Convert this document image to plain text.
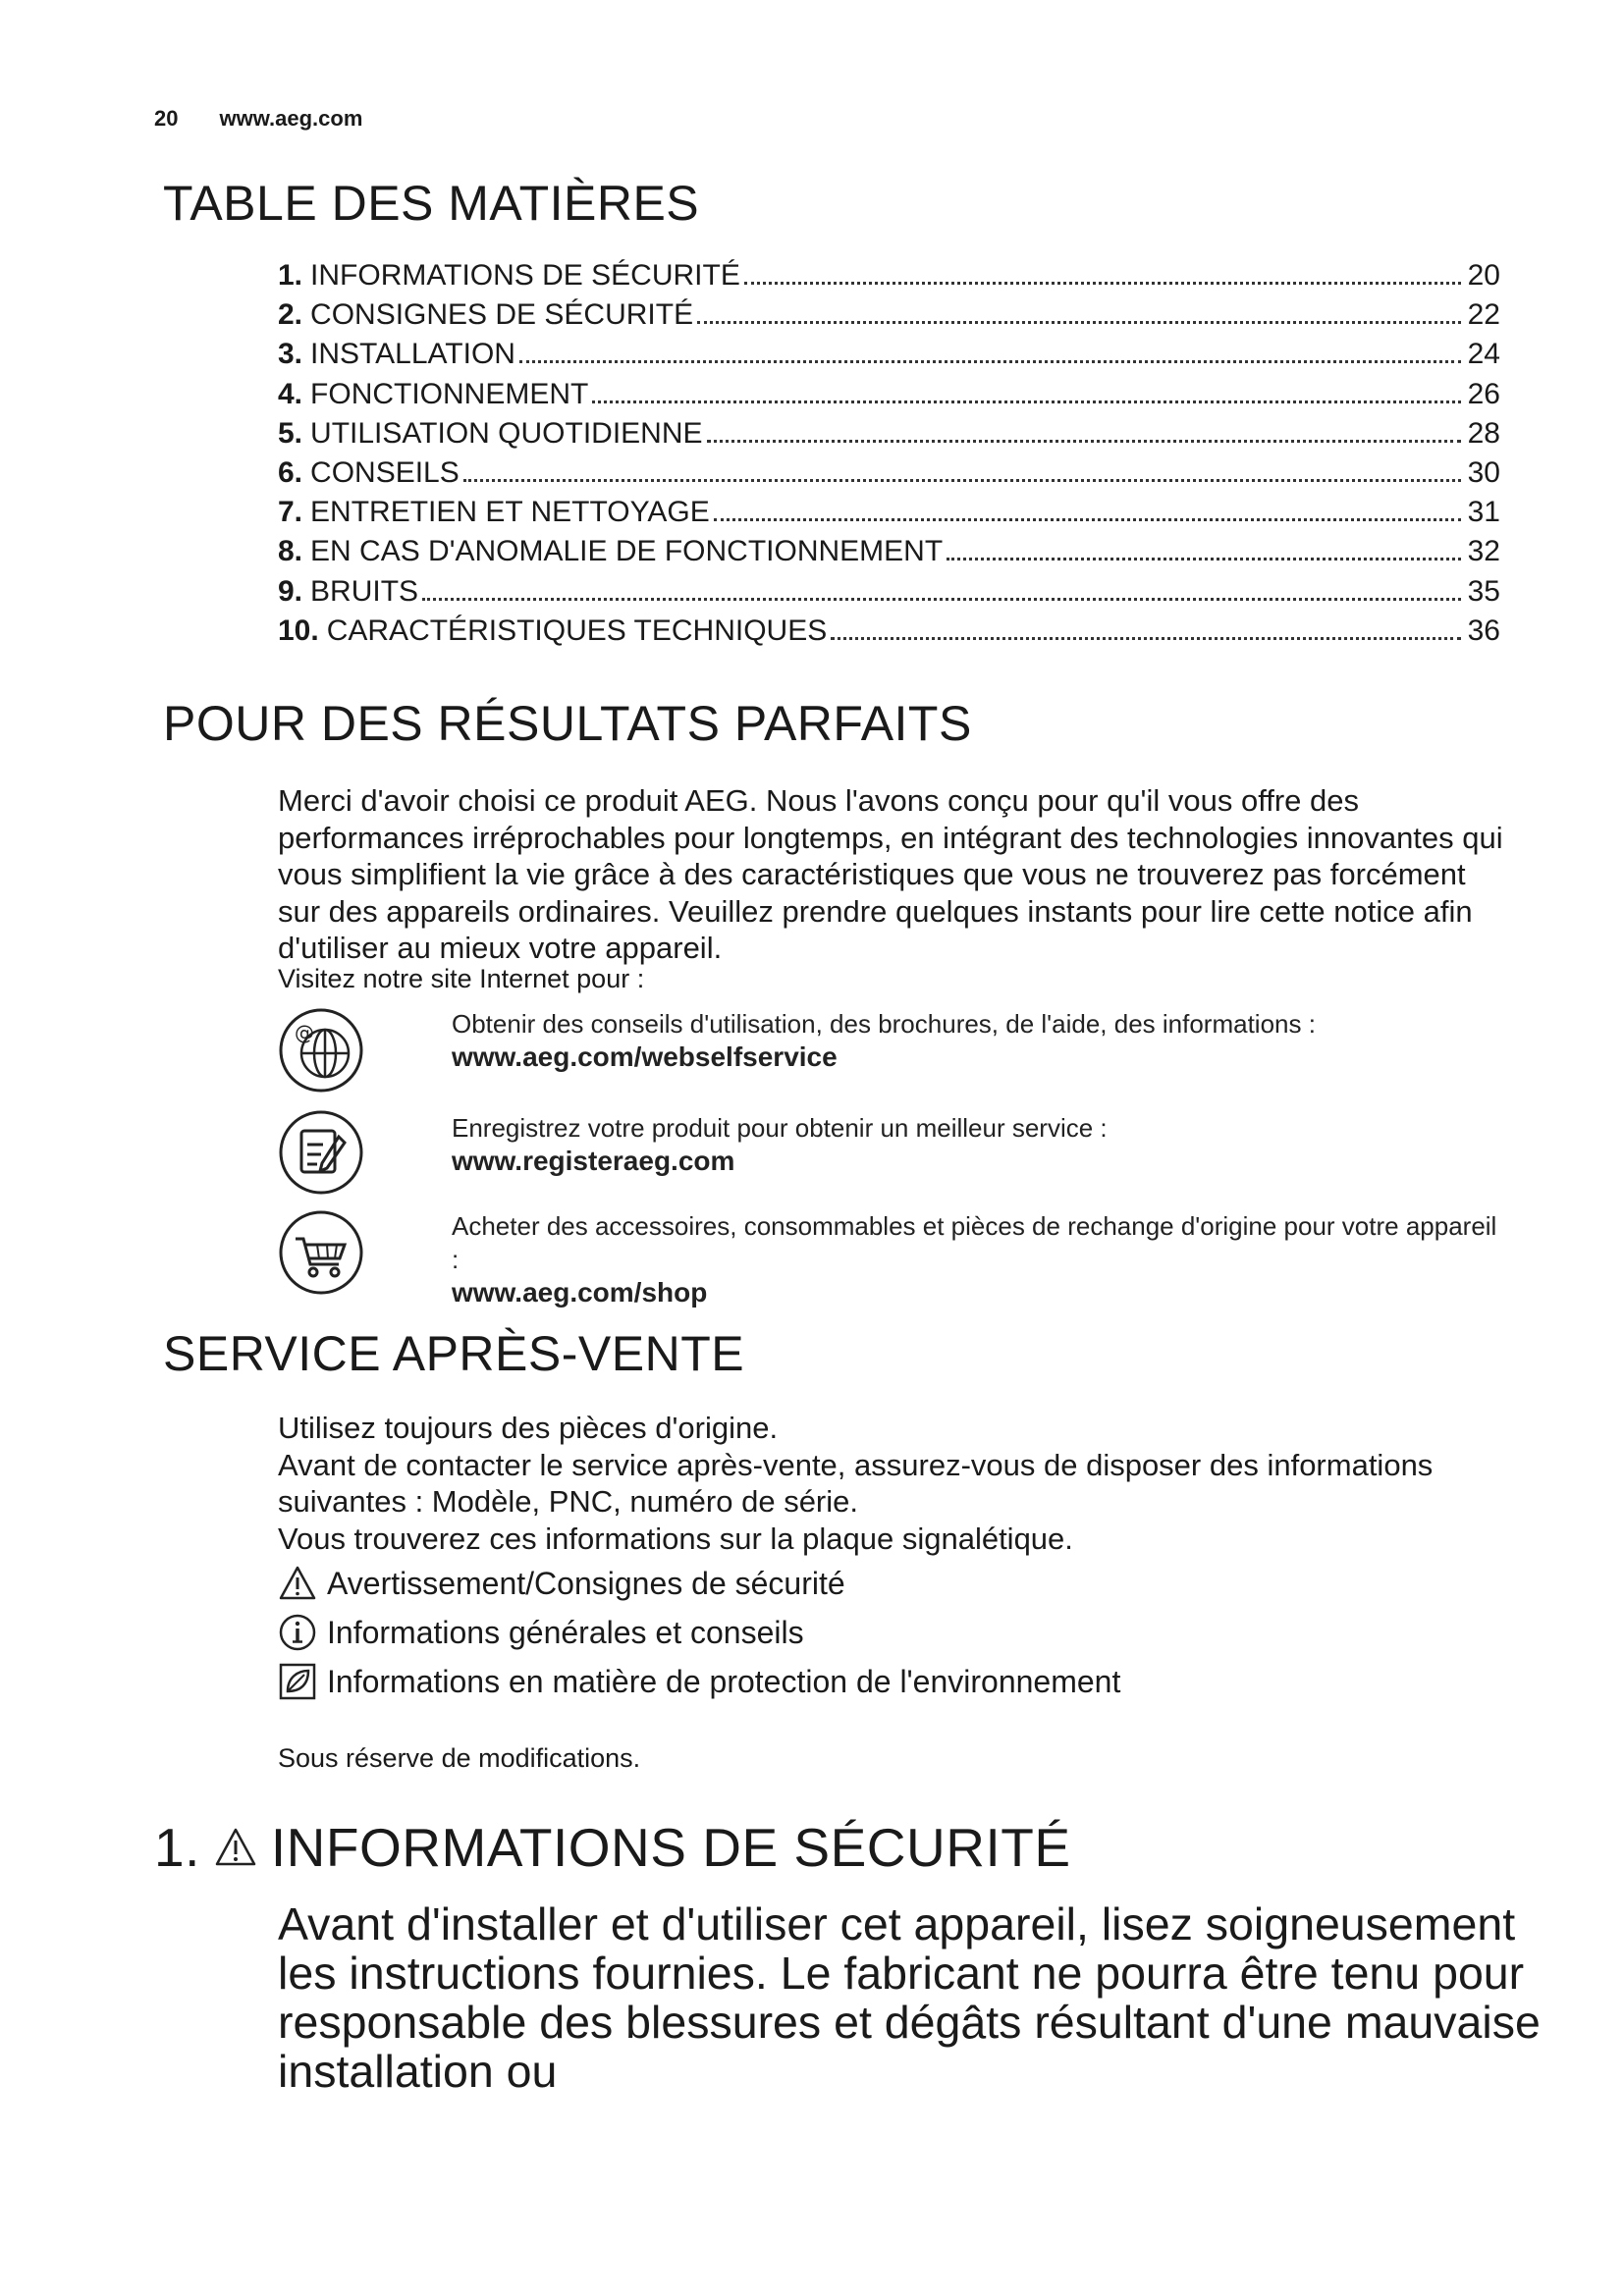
20 www.aeg.com
TABLE DES MATIÈRES
1. INFORMATIONS DE SÉCURITÉ	20
2. CONSIGNES DE SÉCURITÉ	22
3. INSTALLATION	24
4. FONCTIONNEMENT	26
5. UTILISATION QUOTIDIENNE	28
6. CONSEILS	30
7. ENTRETIEN ET NETTOYAGE	31
8. EN CAS D'ANOMALIE DE FONCTIONNEMENT	32
9. BRUITS	35
10. CARACTÉRISTIQUES TECHNIQUES	36
POUR DES RÉSULTATS PARFAITS
Merci d'avoir choisi ce produit AEG. Nous l'avons conçu pour qu'il vous offre des performances irréprochables pour longtemps, en intégrant des technologies innovantes qui vous simplifient la vie grâce à des caractéristiques que vous ne trouverez pas forcément sur des appareils ordinaires. Veuillez prendre quelques instants pour lire cette notice afin d'utiliser au mieux votre appareil.
Visitez notre site Internet pour :
@	Obtenir des conseils d'utilisation, des brochures, de l'aide, des informations :
www.aeg.com/webselfservice
Enregistrez votre produit pour obtenir un meilleur service :
www.registeraeg.com
Acheter des accessoires, consommables et pièces de rechange d'origine pour votre appareil :
www.aeg.com/shop
SERVICE APRÈS-VENTE
Utilisez toujours des pièces d'origine.
Avant de contacter le service après-vente, assurez-vous de disposer des informations suivantes : Modèle, PNC, numéro de série.
Vous trouverez ces informations sur la plaque signalétique.
Avertissement/Consignes de sécurité
Informations générales et conseils
Informations en matière de protection de l'environnement
Sous réserve de modifications.
1. INFORMATIONS DE SÉCURITÉ
Avant d'installer et d'utiliser cet appareil, lisez soigneusement les instructions fournies. Le fabricant ne pourra être tenu pour responsable des blessures et dégâts résultant d'une mauvaise installation ou
